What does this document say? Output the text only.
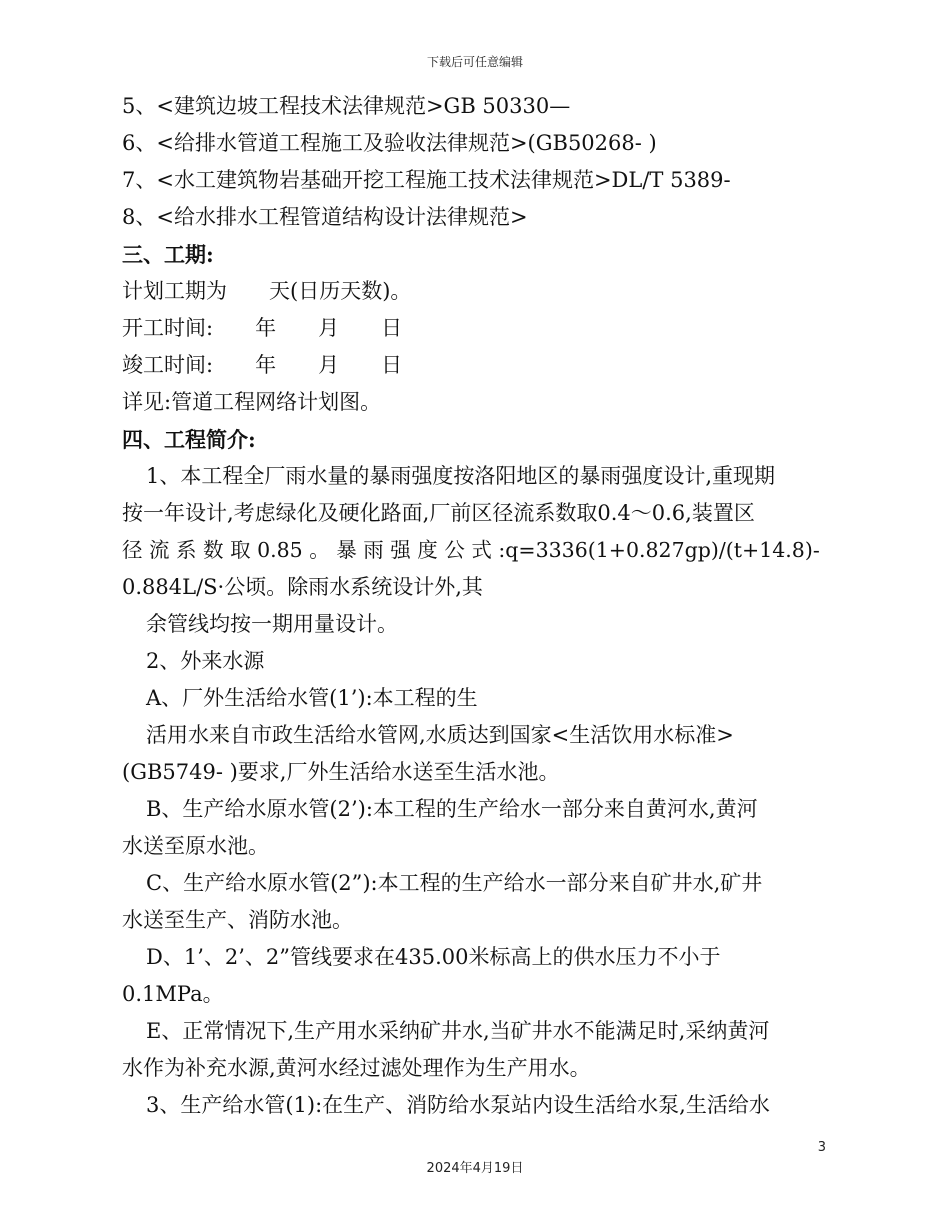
下载后可任意编辑
5、<建筑边坡工程技术法律规范>GB 50330—
6、<给排水管道工程施工及验收法律规范>(GB50268- )
7、<水工建筑物岩基础开挖工程施工技术法律规范>DL/T 5389-
8、<给水排水工程管道结构设计法律规范>
三、工期:
计划工期为　　天(日历天数)。
开工时间:　　年　　月　　日
竣工时间:　　年　　月　　日
详见:管道工程网络计划图。
四、工程简介:
1、本工程全厂雨水量的暴雨强度按洛阳地区的暴雨强度设计,重现期
按一年设计,考虑绿化及硬化路面,厂前区径流系数取0.4～0.6,装置区
径 流 系 数 取 0.85 。 暴 雨 强 度 公 式 :q=3336(1+0.827gp)/(t+14.8)-
0.884L/S·公顷。除雨水系统设计外,其
余管线均按一期用量设计。
2、外来水源
A、厂外生活给水管(1’):本工程的生
活用水来自市政生活给水管网,水质达到国家<生活饮用水标准>
(GB5749- )要求,厂外生活给水送至生活水池。
B、生产给水原水管(2’):本工程的生产给水一部分来自黄河水,黄河
水送至原水池。
C、生产给水原水管(2”):本工程的生产给水一部分来自矿井水,矿井
水送至生产、消防水池。
D、1’、2’、2”管线要求在435.00米标高上的供水压力不小于
0.1MPa。
E、正常情况下,生产用水采纳矿井水,当矿井水不能满足时,采纳黄河
水作为补充水源,黄河水经过滤处理作为生产用水。
3、生产给水管(1):在生产、消防给水泵站内设生活给水泵,生活给水
3
2024年4月19日
